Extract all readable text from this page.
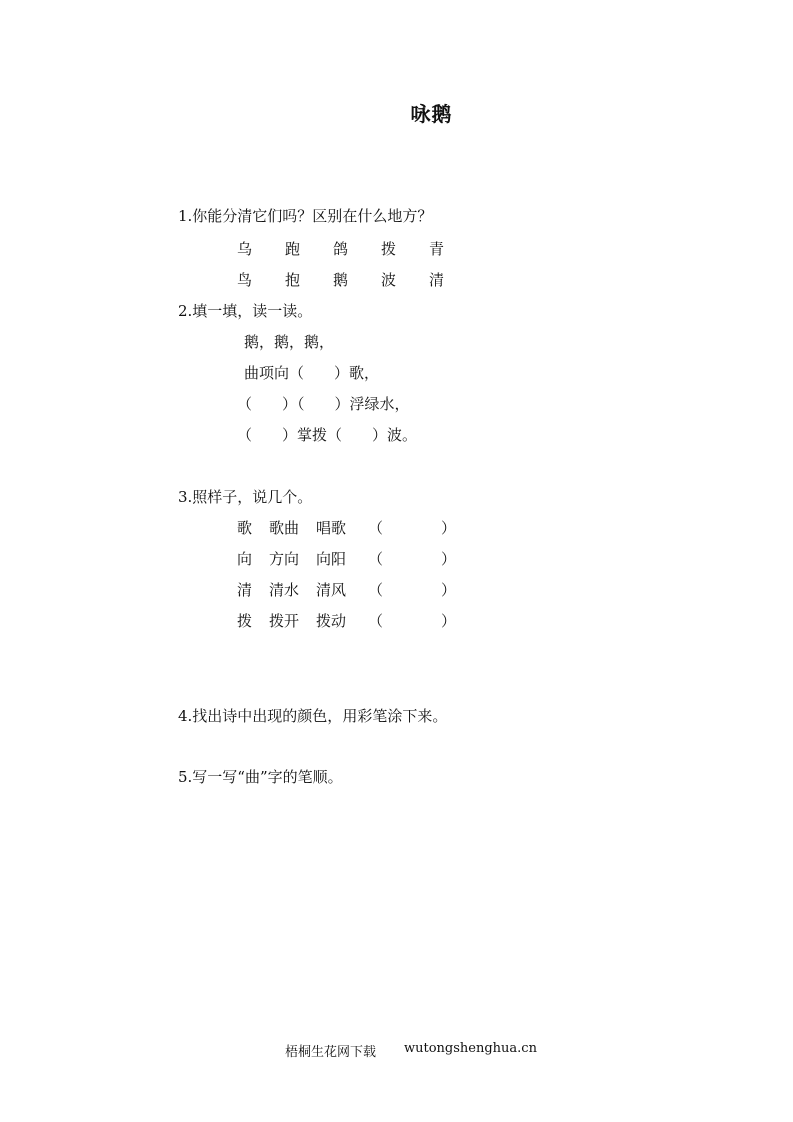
咏鹅
1.你能分清它们吗？区别在什么地方？
乌 跑 鸽 拨 青
鸟 抱 鹅 波 清
2.填一填，读一读。
鹅，鹅，鹅，
曲项向（　　）歌，
（　　）（　　）浮绿水，
（　　）掌拨（　　）波。
3.照样子，说几个。
歌 歌曲 唱歌 （	）
向 方向 向阳 （	）
清 清水 清风 （	）
拨 拨开 拨动 （	）
4.找出诗中出现的颜色，用彩笔涂下来。
5.写一写“曲”字的笔顺。
梧桐生花网下载 wutongshenghua.cn
